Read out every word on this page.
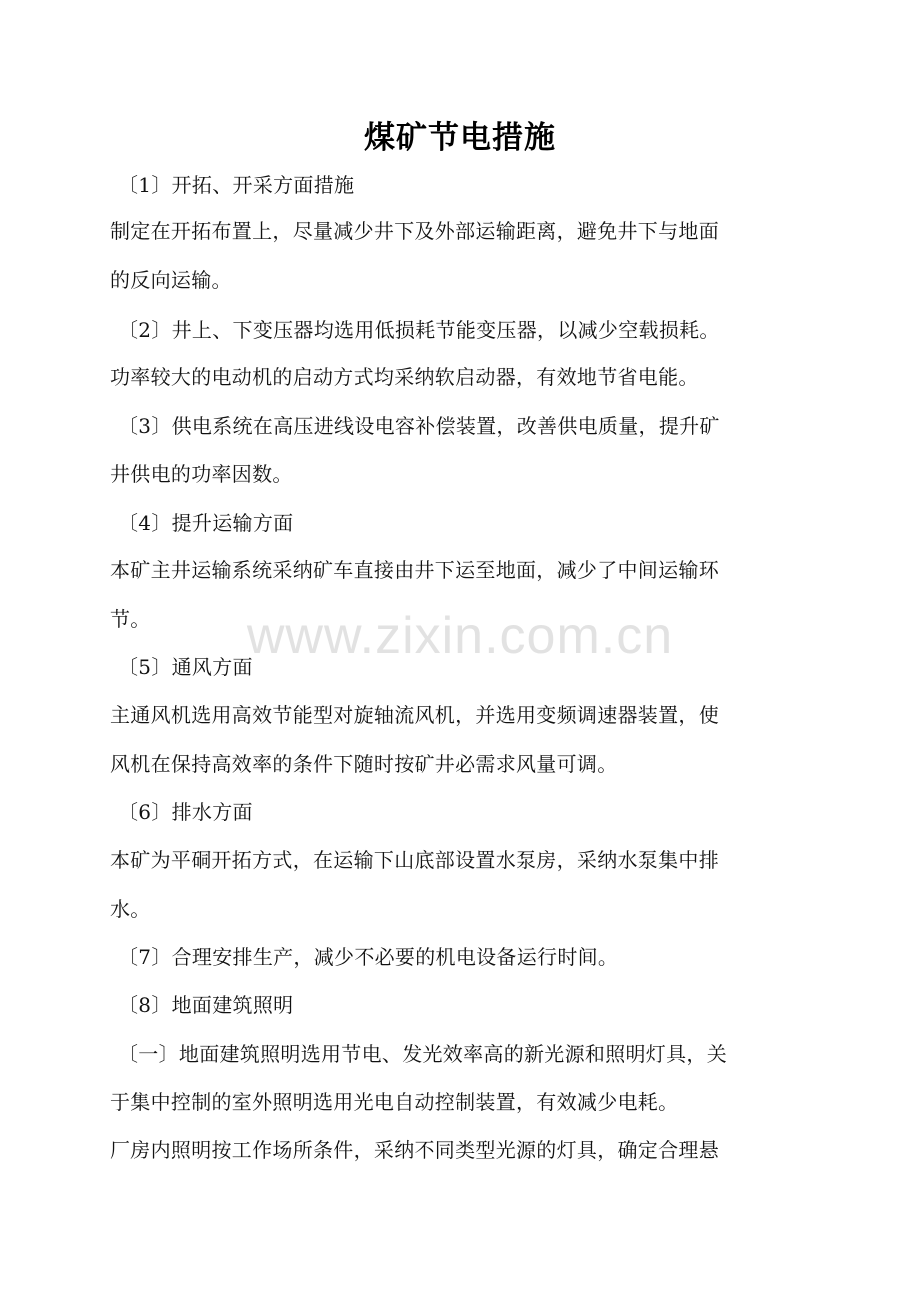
煤矿节电措施
〔1〕开拓、开采方面措施
制定在开拓布置上，尽量减少井下及外部运输距离，避免井下与地面
的反向运输。
〔2〕井上、下变压器均选用低损耗节能变压器，以减少空载损耗。
功率较大的电动机的启动方式均采纳软启动器，有效地节省电能。
〔3〕供电系统在高压进线设电容补偿装置，改善供电质量，提升矿
井供电的功率因数。
〔4〕提升运输方面
本矿主井运输系统采纳矿车直接由井下运至地面，减少了中间运输环
节。
〔5〕通风方面
主通风机选用高效节能型对旋轴流风机，并选用变频调速器装置，使
风机在保持高效率的条件下随时按矿井必需求风量可调。
〔6〕排水方面
本矿为平硐开拓方式，在运输下山底部设置水泵房，采纳水泵集中排
水。
〔7〕合理安排生产，减少不必要的机电设备运行时间。
〔8〕地面建筑照明
〔一〕地面建筑照明选用节电、发光效率高的新光源和照明灯具，关
于集中控制的室外照明选用光电自动控制装置，有效减少电耗。
厂房内照明按工作场所条件，采纳不同类型光源的灯具，确定合理悬
www.zixin.com.cn
